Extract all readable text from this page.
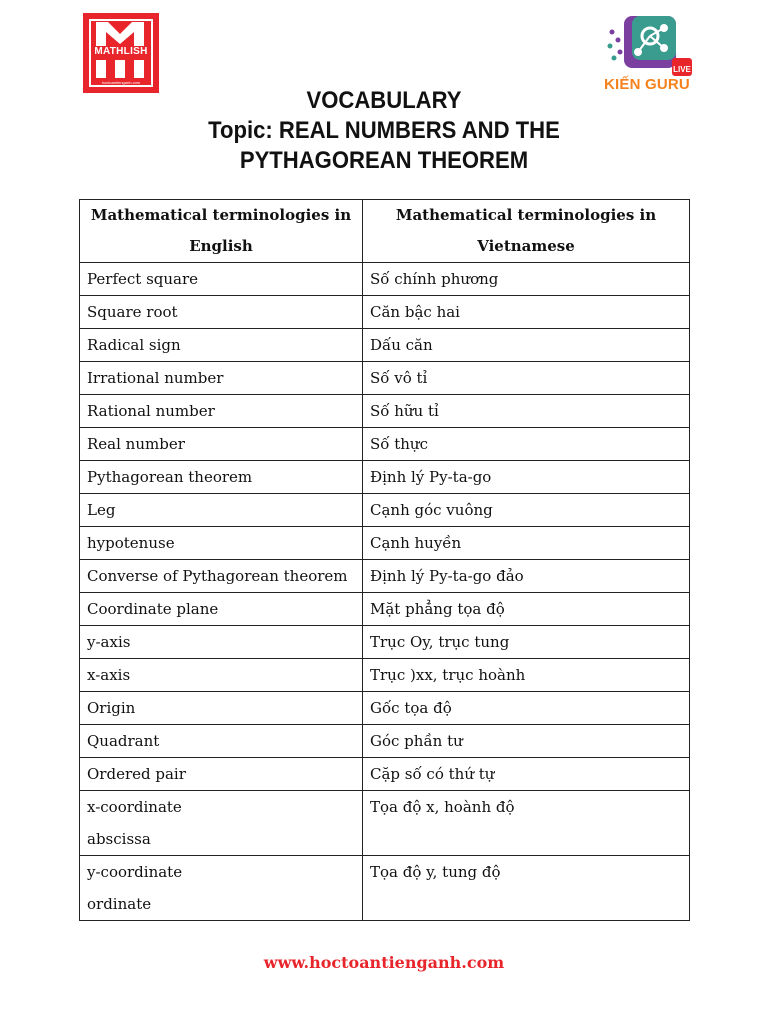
MATHLISH
hoctoantienganh.com
LIVE
KIẾN GURU
VOCABULARY
Topic: REAL NUMBERS AND THE
PYTHAGOREAN THEOREM
Mathematical terminologies in English	Mathematical terminologies in Vietnamese
Perfect square	Số chính phương
Square root	Căn bậc hai
Radical sign	Dấu căn
Irrational number	Số vô tỉ
Rational number	Số hữu tỉ
Real number	Số thực
Pythagorean theorem	Định lý Py-ta-go
Leg	Cạnh góc vuông
hypotenuse	Cạnh huyền
Converse of Pythagorean theorem	Định lý Py-ta-go đảo
Coordinate plane	Mặt phẳng tọa độ
y-axis	Trục Oy, trục tung
x-axis	Trục )xx, trục hoành
Origin	Gốc tọa độ
Quadrant	Góc phần tư
Ordered pair	Cặp số có thứ tự

x-coordinate
abscissa	Tọa độ x, hoành độ

y-coordinate
ordinate	Tọa độ y, tung độ
www.hoctoantienganh.com
